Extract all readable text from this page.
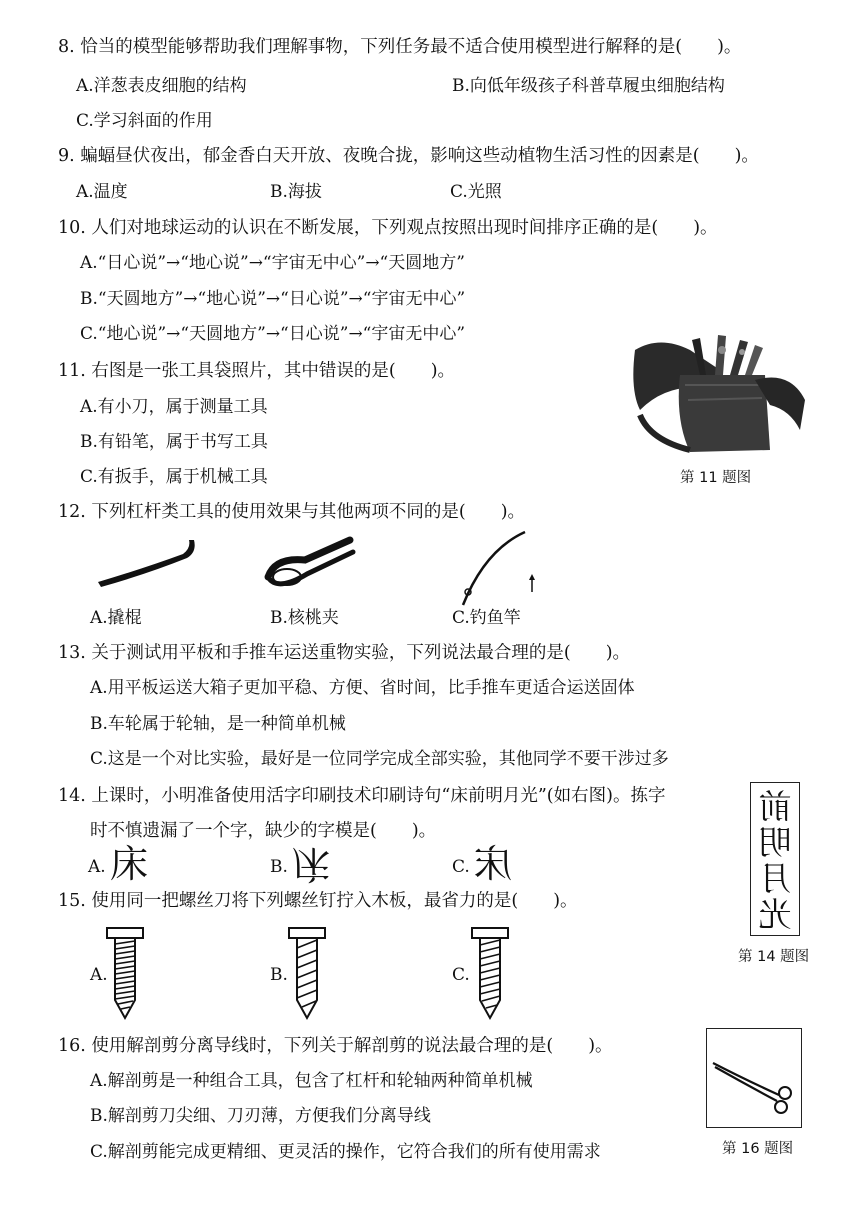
8. 恰当的模型能够帮助我们理解事物，下列任务最不适合使用模型进行解释的是(　　)。
A.洋葱表皮细胞的结构	B.向低年级孩子科普草履虫细胞结构
C.学习斜面的作用
9. 蝙蝠昼伏夜出，郁金香白天开放、夜晚合拢，影响这些动植物生活习性的因素是(　　)。
A.温度	B.海拔	C.光照
10. 人们对地球运动的认识在不断发展，下列观点按照出现时间排序正确的是(　　)。
A.“日心说”→“地心说”→“宇宙无中心”→“天圆地方”
B.“天圆地方”→“地心说”→“日心说”→“宇宙无中心”
C.“地心说”→“天圆地方”→“日心说”→“宇宙无中心”
11. 右图是一张工具袋照片，其中错误的是(　　)。
A.有小刀，属于测量工具
B.有铅笔，属于书写工具
C.有扳手，属于机械工具	第 11 题图
12. 下列杠杆类工具的使用效果与其他两项不同的是(　　)。
A.撬棍	B.核桃夹	C.钓鱼竿
13. 关于测试用平板和手推车运送重物实验，下列说法最合理的是(　　)。
A.用平板运送大箱子更加平稳、方便、省时间，比手推车更适合运送固体
B.车轮属于轮轴，是一种简单机械
C.这是一个对比实验，最好是一位同学完成全部实验，其他同学不要干涉过多
14. 上课时，小明准备使用活字印刷技术印刷诗句“床前明月光”(如右图)。拣字
时不慎遗漏了一个字，缺少的字模是(　　)。
A. 床	B. 床	C. 床
前
明
月
光
第 14 题图
15. 使用同一把螺丝刀将下列螺丝钉拧入木板，最省力的是(　　)。
A.	B.	C.
16. 使用解剖剪分离导线时，下列关于解剖剪的说法最合理的是(　　)。
A.解剖剪是一种组合工具，包含了杠杆和轮轴两种简单机械
B.解剖剪刀尖细、刀刃薄，方便我们分离导线
C.解剖剪能完成更精细、更灵活的操作，它符合我们的所有使用需求	第 16 题图
